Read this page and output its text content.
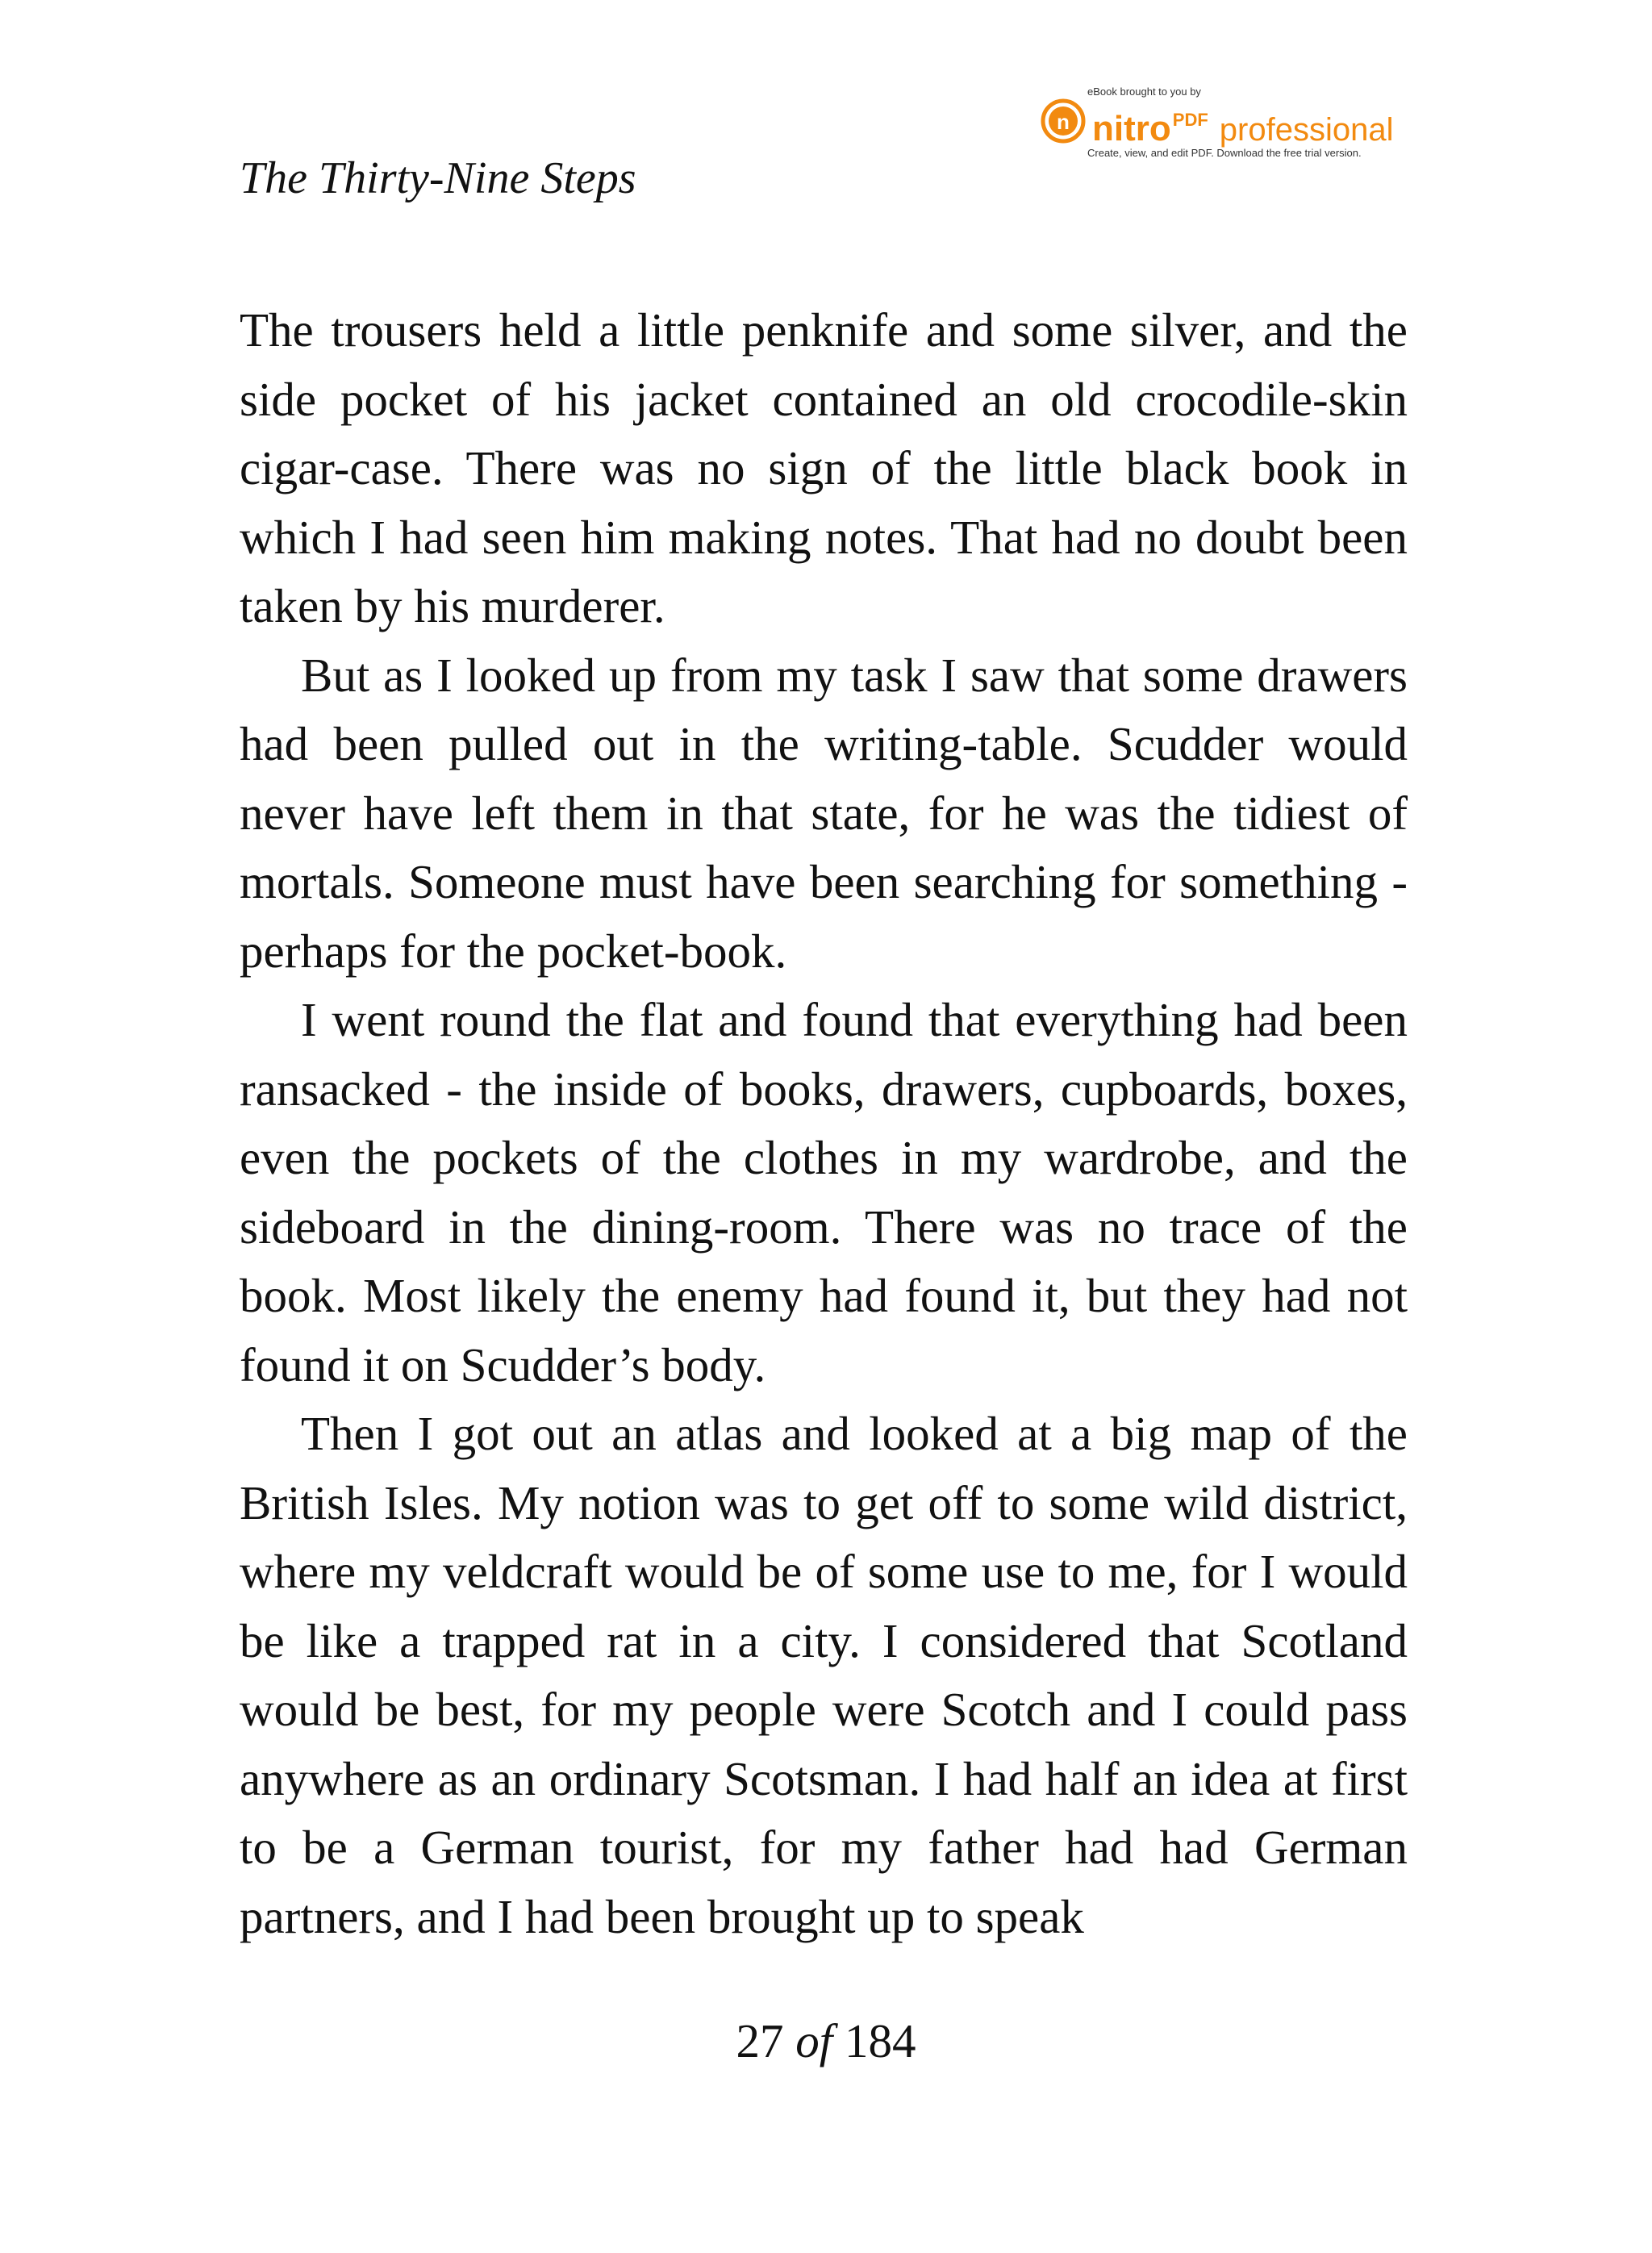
The Thirty-Nine Steps
eBook brought to you by
n nitroPDF professional
Create, view, and edit PDF. Download the free trial version.

The trousers held a little penknife and some silver, and the side pocket of his jacket contained an old crocodile-skin cigar-case. There was no sign of the little black book in which I had seen him making notes. That had no doubt been taken by his murderer.

But as I looked up from my task I saw that some drawers had been pulled out in the writing-table. Scudder would never have left them in that state, for he was the tidiest of mortals. Someone must have been searching for something - perhaps for the pocket-book.

I went round the flat and found that everything had been ransacked - the inside of books, drawers, cupboards, boxes, even the pockets of the clothes in my wardrobe, and the sideboard in the dining-room. There was no trace of the book. Most likely the enemy had found it, but they had not found it on Scudder’s body.

Then I got out an atlas and looked at a big map of the British Isles. My notion was to get off to some wild district, where my veldcraft would be of some use to me, for I would be like a trapped rat in a city. I considered that Scotland would be best, for my people were Scotch and I could pass anywhere as an ordinary Scotsman. I had half an idea at first to be a German tourist, for my father had had German partners, and I had been brought up to speak

27 of 184
